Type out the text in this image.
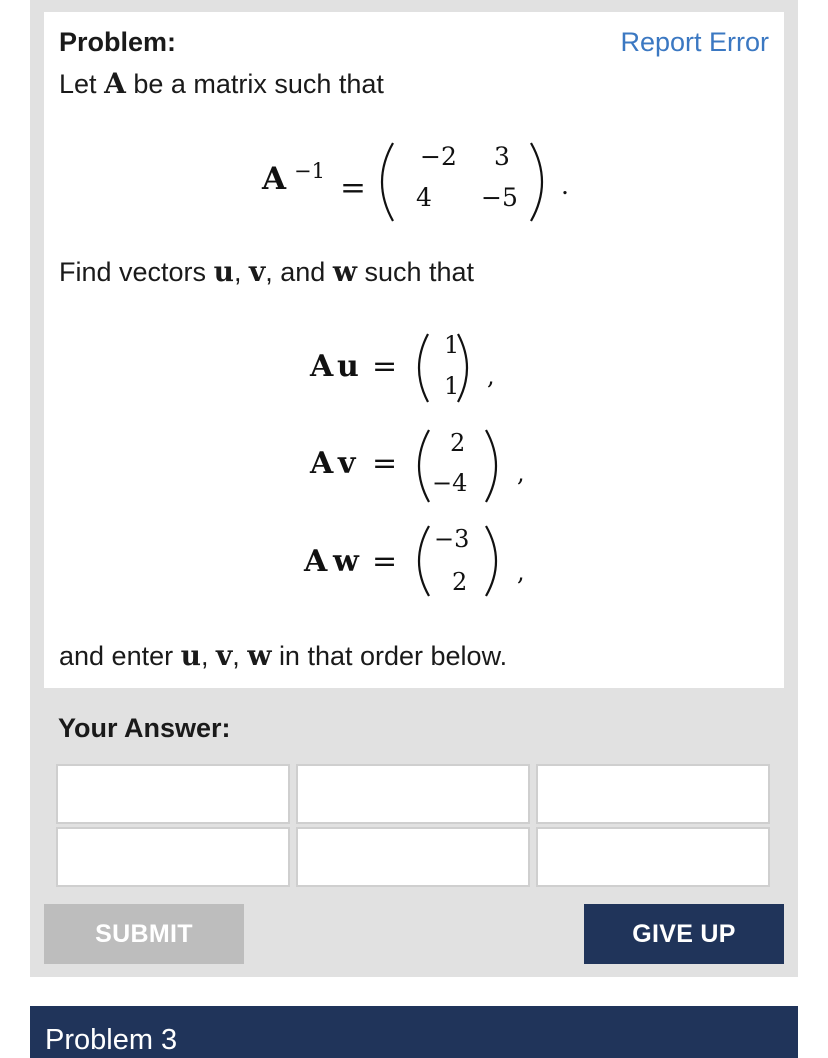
Problem:	Report Error
Let A be a matrix such that
A −1 =
−2 3
4 −5 .
A u =
1
1 ,
A v =
2
−4 ,
A w =
−3
2 ,
Find vectors u, v, and w such that
and enter u, v, w in that order below.
Your Answer:
SUBMIT	GIVE UP
Problem 3
